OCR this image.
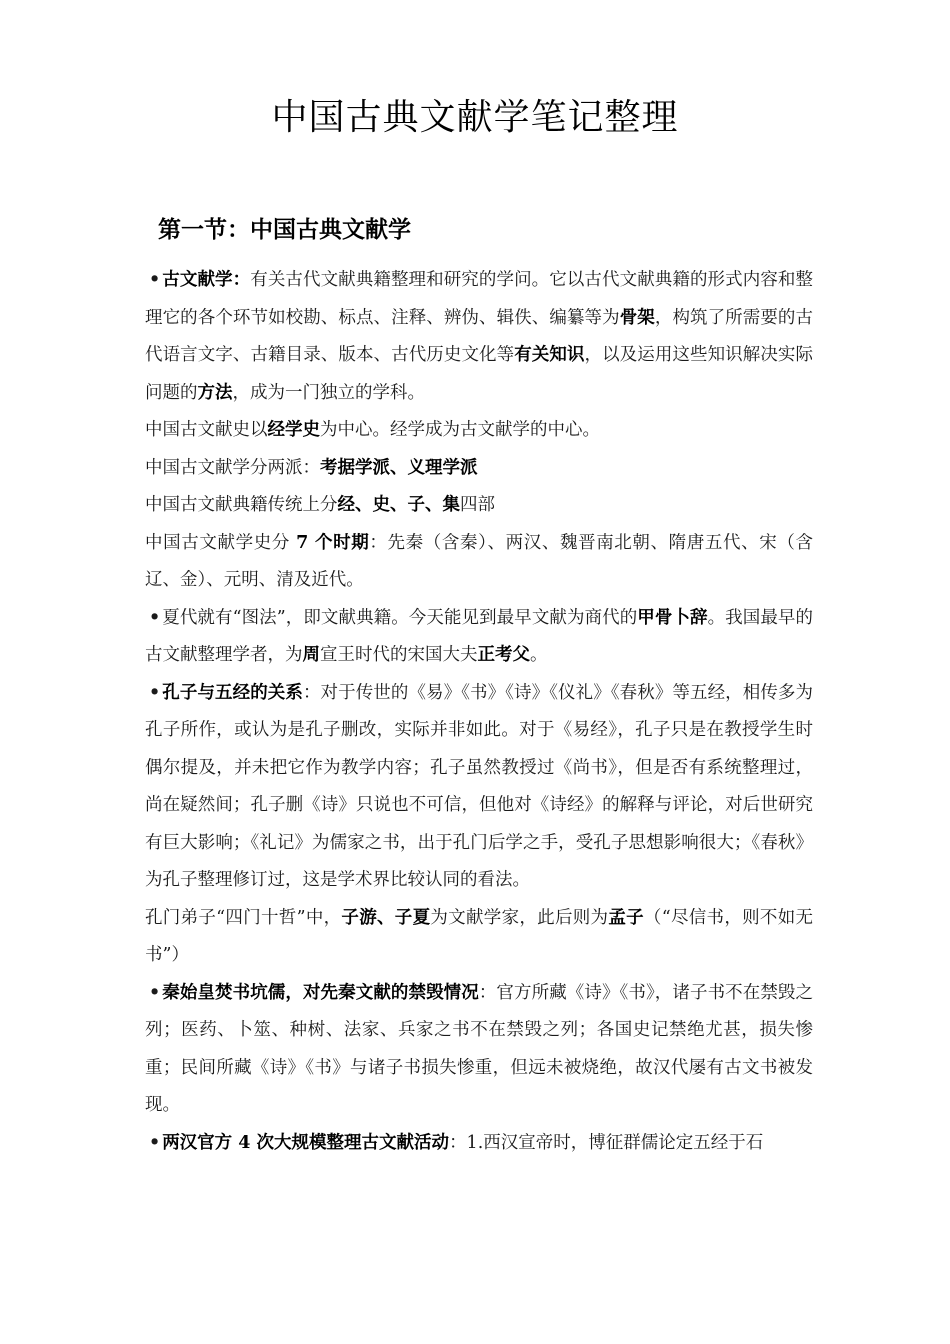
中国古典文献学笔记整理
第一节：中国古典文献学

• 古文献学：有关古代文献典籍整理和研究的学问。它以古代文献典籍的形式内容和整理它的各个环节如校勘、标点、注释、辨伪、辑佚、编纂等为骨架，构筑了所需要的古代语言文字、古籍目录、版本、古代历史文化等有关知识，以及运用这些知识解决实际问题的方法，成为一门独立的学科。

中国古文献史以经学史为中心。经学成为古文献学的中心。

中国古文献学分两派：考据学派、义理学派

中国古文献典籍传统上分经、史、子、集四部

中国古文献学史分 7 个时期：先秦（含秦）、两汉、魏晋南北朝、隋唐五代、宋（含辽、金）、元明、清及近代。

• 夏代就有“图法”，即文献典籍。今天能见到最早文献为商代的甲骨卜辞。我国最早的古文献整理学者，为周宣王时代的宋国大夫正考父。

• 孔子与五经的关系：对于传世的《易》《书》《诗》《仪礼》《春秋》等五经，相传多为孔子所作，或认为是孔子删改，实际并非如此。对于《易经》，孔子只是在教授学生时偶尔提及，并未把它作为教学内容；孔子虽然教授过《尚书》，但是否有系统整理过，尚在疑然间；孔子删《诗》只说也不可信，但他对《诗经》的解释与评论，对后世研究有巨大影响；《礼记》为儒家之书，出于孔门后学之手，受孔子思想影响很大；《春秋》为孔子整理修订过，这是学术界比较认同的看法。

孔门弟子“四门十哲”中，子游、子夏为文献学家，此后则为孟子（“尽信书，则不如无书”）

• 秦始皇焚书坑儒，对先秦文献的禁毁情况：官方所藏《诗》《书》，诸子书不在禁毁之列；医药、卜筮、种树、法家、兵家之书不在禁毁之列；各国史记禁绝尤甚，损失惨重；民间所藏《诗》《书》与诸子书损失惨重，但远未被烧绝，故汉代屡有古文书被发现。

• 两汉官方 4 次大规模整理古文献活动：1.西汉宣帝时，博征群儒论定五经于石
